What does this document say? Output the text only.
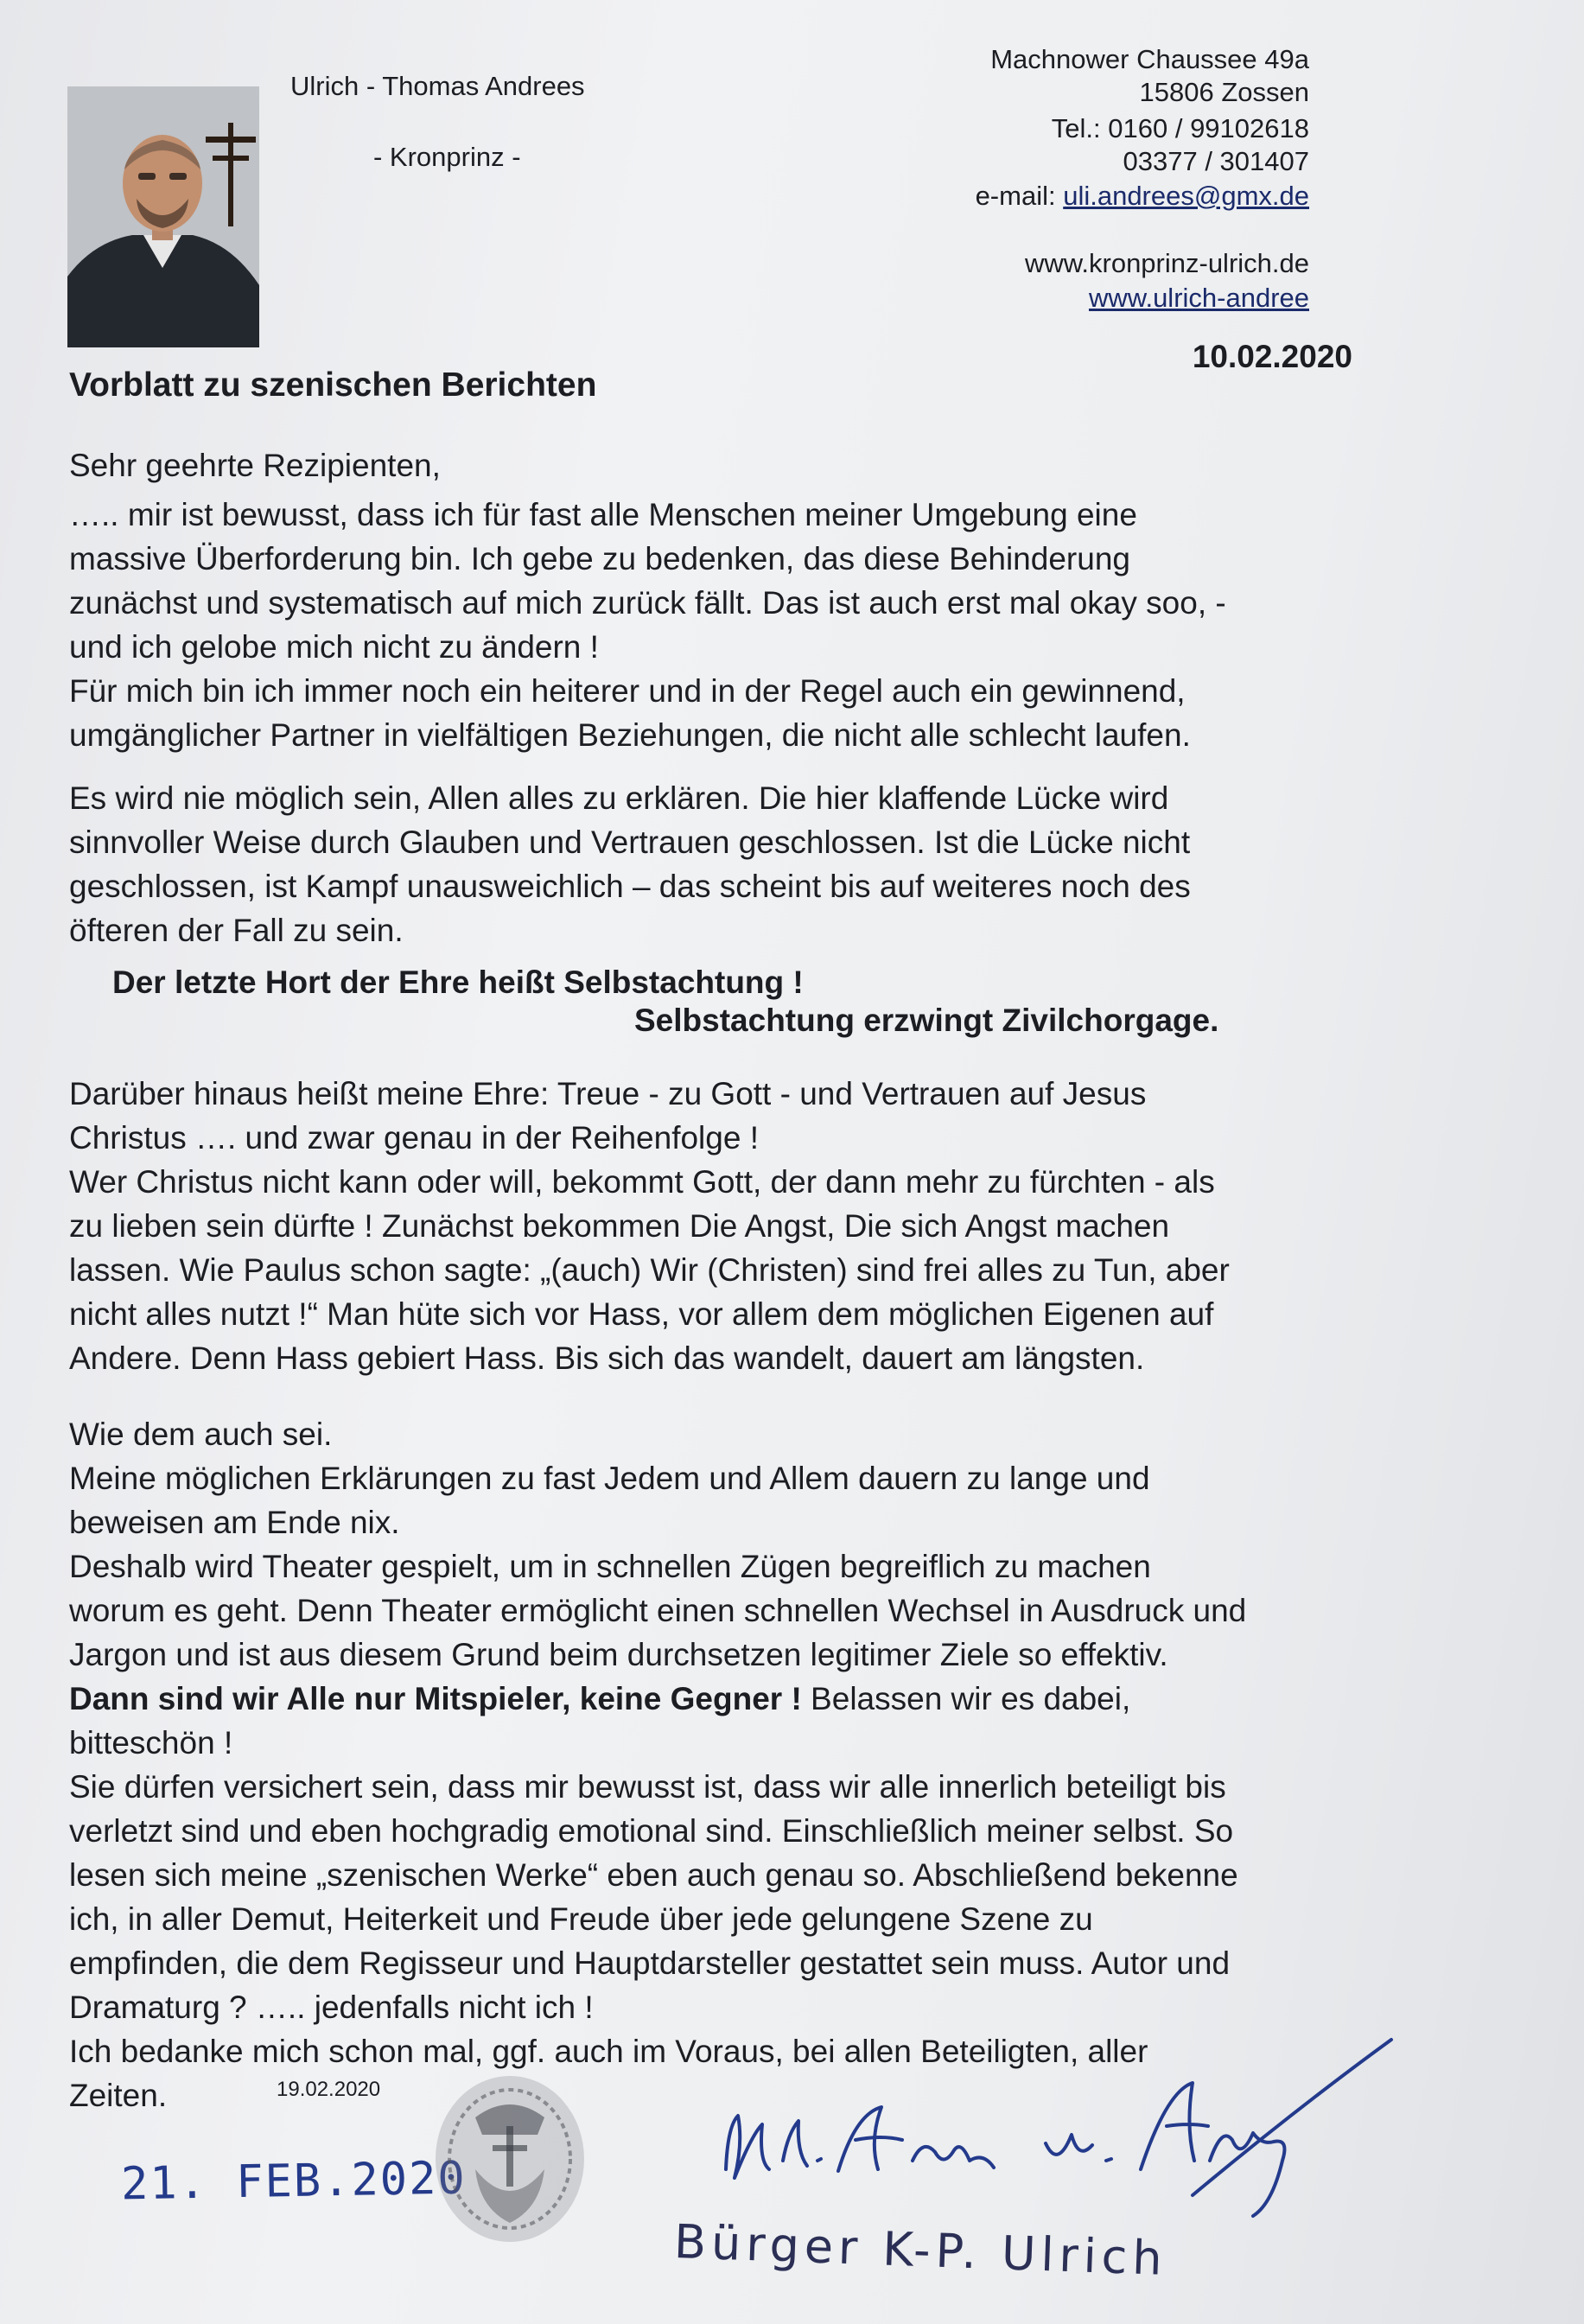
Ulrich - Thomas Andrees
- Kronprinz -
Machnower Chaussee 49a
15806 Zossen
Tel.: 0160 / 99102618
03377 / 301407
e-mail: uli.andrees@gmx.de
www.kronprinz-ulrich.de
www.ulrich-andree
10.02.2020
Vorblatt zu szenischen Berichten
Sehr geehrte Rezipienten,

….. mir ist bewusst, dass ich für fast alle Menschen meiner Umgebung eine

massive Überforderung bin. Ich gebe zu bedenken, das diese Behinderung

zunächst und systematisch auf mich zurück fällt. Das ist auch erst mal okay soo, -

und ich gelobe mich nicht zu ändern !

Für mich bin ich immer noch ein heiterer und in der Regel auch ein gewinnend,

umgänglicher Partner in vielfältigen Beziehungen, die nicht alle schlecht laufen.

Es wird nie möglich sein, Allen alles zu erklären. Die hier klaffende Lücke wird

sinnvoller Weise durch Glauben und Vertrauen geschlossen. Ist die Lücke nicht

geschlossen, ist Kampf unausweichlich – das scheint bis auf weiteres noch des

öfteren der Fall zu sein.

Der letzte Hort der Ehre heißt Selbstachtung !
Selbstachtung erzwingt Zivilchorgage.

Darüber hinaus heißt meine Ehre: Treue - zu Gott - und Vertrauen auf Jesus

Christus …. und zwar genau in der Reihenfolge !

Wer Christus nicht kann oder will, bekommt Gott, der dann mehr zu fürchten - als

zu lieben sein dürfte ! Zunächst bekommen Die Angst, Die sich Angst machen

lassen. Wie Paulus schon sagte: „(auch) Wir (Christen) sind frei alles zu Tun, aber

nicht alles nutzt !“ Man hüte sich vor Hass, vor allem dem möglichen Eigenen auf

Andere. Denn Hass gebiert Hass. Bis sich das wandelt, dauert am längsten.

Wie dem auch sei.

Meine möglichen Erklärungen zu fast Jedem und Allem dauern zu lange und

beweisen am Ende nix.

Deshalb wird Theater gespielt, um in schnellen Zügen begreiflich zu machen

worum es geht. Denn Theater ermöglicht einen schnellen Wechsel in Ausdruck und

Jargon und ist aus diesem Grund beim durchsetzen legitimer Ziele so effektiv.

Dann sind wir Alle nur Mitspieler, keine Gegner ! Belassen wir es dabei,

bitteschön !

Sie dürfen versichert sein, dass mir bewusst ist, dass wir alle innerlich beteiligt bis

verletzt sind und eben hochgradig emotional sind. Einschließlich meiner selbst. So

lesen sich meine „szenischen Werke“ eben auch genau so. Abschließend bekenne

ich, in aller Demut, Heiterkeit und Freude über jede gelungene Szene zu

empfinden, die dem Regisseur und Hauptdarsteller gestattet sein muss. Autor und

Dramaturg ? ….. jedenfalls nicht ich !

Ich bedanke mich schon mal, ggf. auch im Voraus, bei allen Beteiligten, aller

Zeiten.	19.02.2020
21. FEB.2020
Bürger K-P. Ulrich
